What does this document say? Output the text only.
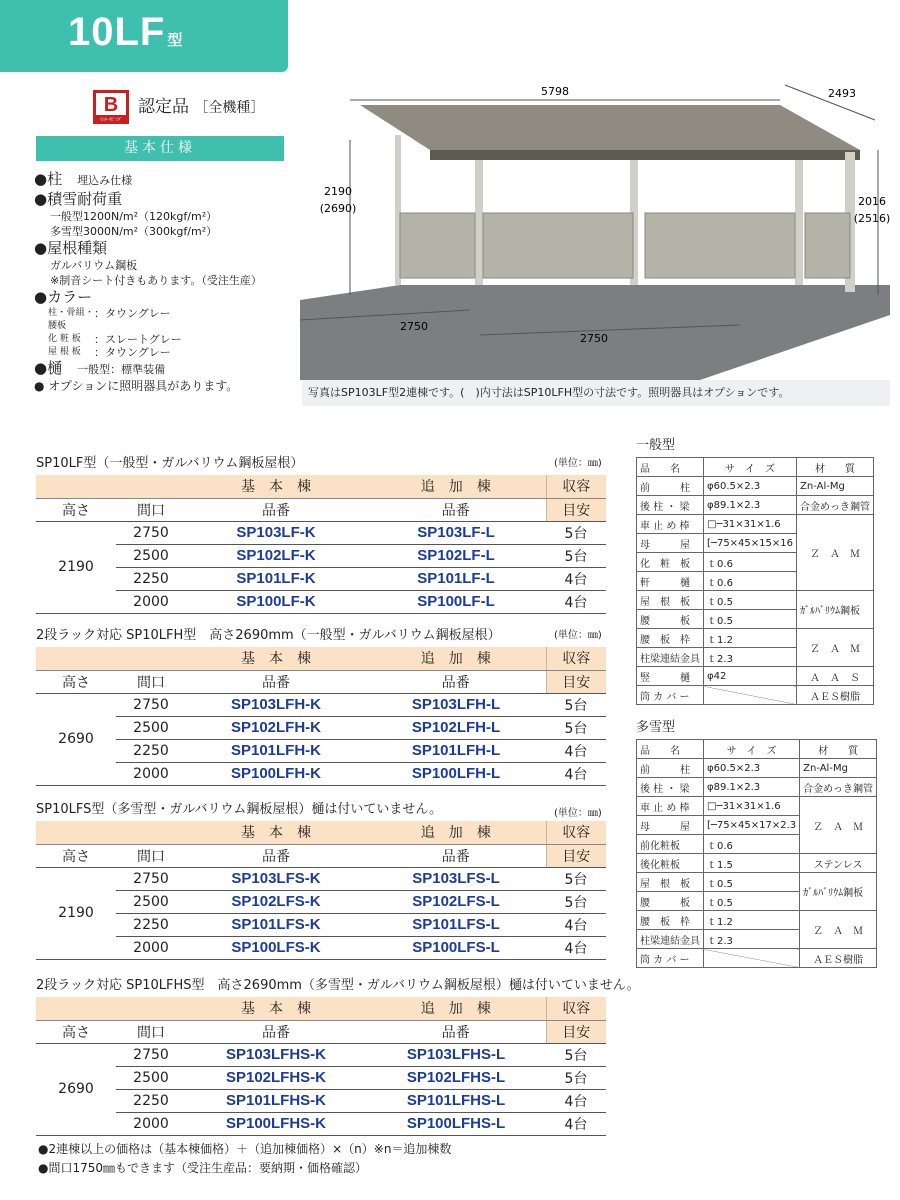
10LF 型
B
ｲﾝﾀｰﾘﾋﾞﾝｸﾞ
認定品 ［全機種］
基本仕様
●柱　 埋込み仕様
●積雪耐荷重
一般型1200N/m²（120kgf/m²）
多雪型3000N/m²（300kgf/m²）
●屋根種類
ガルバリウム鋼板
※制音シート付きもあります。（受注生産）
●カラー
柱・骨組・腰板
：タウングレー
化 粧 板	：スレートグレー
屋 根 板	：タウングレー
●樋　 一般型：標準装備
● オプションに照明器具があります。
5798	2493
2190
(2690)
2016
(2516)
2750
2750
写真はSP103LF型2連棟です。(　)内寸法はSP10LFH型の寸法です。照明器具はオプションです。
SP10LF型（一般型・ガルバリウム鋼板屋根）	(単位：㎜)
		基　本　棟	追　加　棟	収容
高さ	間口	品番	品番	目安
2190	2750	SP103LF-K	SP103LF-L	5台
	2500	SP102LF-K	SP102LF-L	5台
	2250	SP101LF-K	SP101LF-L	4台
	2000	SP100LF-K	SP100LF-L	4台
2段ラック対応 SP10LFH型　高さ2690mm（一般型・ガルバリウム鋼板屋根）	(単位：㎜)
		基　本　棟	追　加　棟	収容
高さ	間口	品番	品番	目安
2690	2750	SP103LFH-K	SP103LFH-L	5台
	2500	SP102LFH-K	SP102LFH-L	5台
	2250	SP101LFH-K	SP101LFH-L	4台
	2000	SP100LFH-K	SP100LFH-L	4台
SP10LFS型（多雪型・ガルバリウム鋼板屋根）樋は付いていません。	(単位：㎜)
		基　本　棟	追　加　棟	収容
高さ	間口	品番	品番	目安
2190	2750	SP103LFS-K	SP103LFS-L	5台
	2500	SP102LFS-K	SP102LFS-L	5台
	2250	SP101LFS-K	SP101LFS-L	4台
	2000	SP100LFS-K	SP100LFS-L	4台
2段ラック対応 SP10LFHS型　高さ2690mm（多雪型・ガルバリウム鋼板屋根）樋は付いていません。
		基　本　棟	追　加　棟	収容
高さ	間口	品番	品番	目安
2690	2750	SP103LFHS-K	SP103LFHS-L	5台
	2500	SP102LFHS-K	SP102LFHS-L	5台
	2250	SP101LFHS-K	SP101LFHS-L	4台
	2000	SP100LFHS-K	SP100LFHS-L	4台
一般型
品　　名	サ　イ　ズ	材　　質
前　　　柱	φ60.5×2.3	Zn-Al-Mg
後 柱 ・ 梁	φ89.1×2.3	合金めっき鋼管
車 止 め 棒	□─31×31×1.6	Ｚ　Ａ　Ｍ
母　　　屋	[─75×45×15×16	
化　粧　板	ｔ0.6	
軒　　　樋	ｔ0.6	
屋　根　板	ｔ0.5	ｶﾞﾙﾊﾞﾘｳﾑ鋼板
腰　　　板	ｔ0.5	
腰　板　枠	ｔ1.2	Ｚ　Ａ　Ｍ
柱梁連結金具	ｔ2.3	
竪　　　樋	φ42	Ａ　Ａ　Ｓ
筒 カ バ ー		ＡＥＳ樹脂
多雪型
品　　名	サ　イ　ズ	材　　質
前　　　柱	φ60.5×2.3	Zn-Al-Mg
後 柱 ・ 梁	φ89.1×2.3	合金めっき鋼管
車 止 め 棒	□─31×31×1.6	Ｚ　Ａ　Ｍ
母　　　屋	[─75×45×17×2.3	
前化粧板	ｔ0.6	
後化粧板	ｔ1.5	ステンレス
屋　根　板	ｔ0.5	ｶﾞﾙﾊﾞﾘｳﾑ鋼板
腰　　　板	ｔ0.5	
腰　板　枠	ｔ1.2	Ｚ　Ａ　Ｍ
柱梁連結金具	ｔ2.3	
筒 カ バ ー		ＡＥＳ樹脂
●2連棟以上の価格は（基本棟価格）＋（追加棟価格）×（n）※n＝追加棟数
●間口1750㎜もできます（受注生産品：要納期・価格確認）
